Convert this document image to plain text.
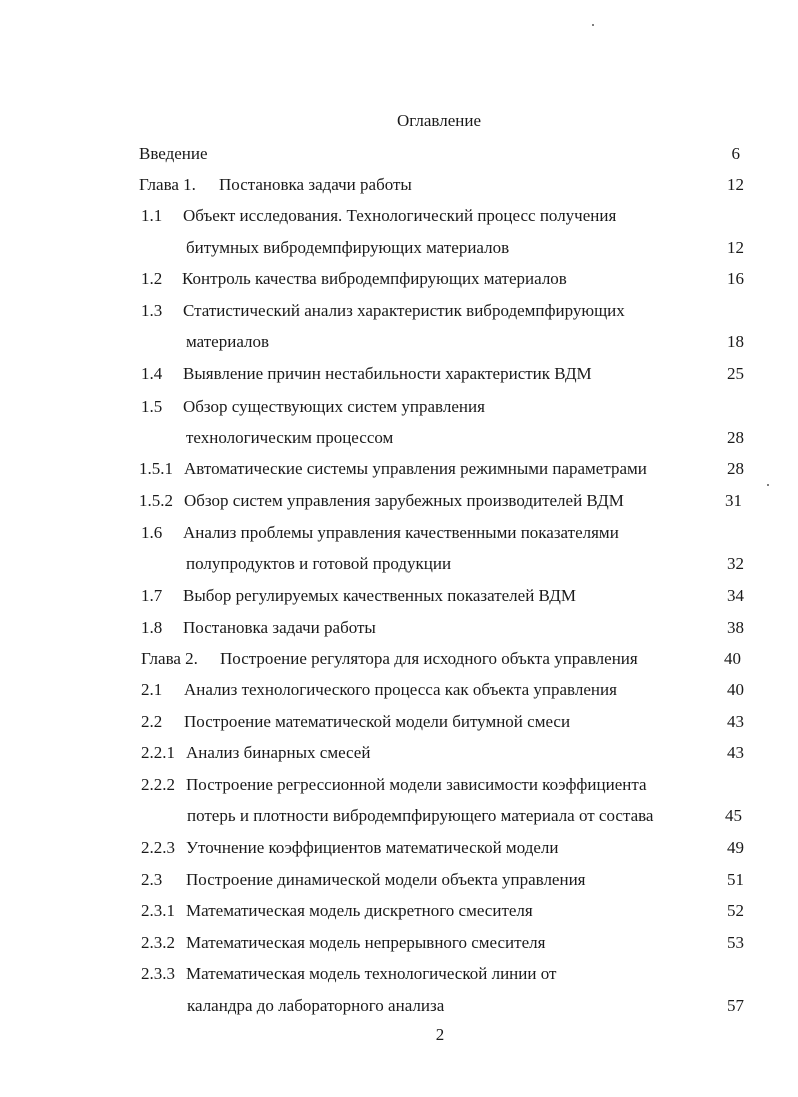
Оглавление
Введение	6
Глава 1. Постановка задачи работы	12
1.1 Объект исследования. Технологический процесс получения
битумных вибродемпфирующих материалов	12
1.2 Контроль качества вибродемпфирующих материалов	16
1.3 Статистический анализ характеристик вибродемпфирующих
материалов	18
1.4 Выявление причин нестабильности характеристик ВДМ	25
1.5 Обзор существующих систем управления
технологическим процессом	28
1.5.1 Автоматические системы управления режимными параметрами	28
1.5.2 Обзор систем управления зарубежных производителей ВДМ	31
1.6 Анализ проблемы управления качественными показателями
полупродуктов и готовой продукции	32
1.7 Выбор регулируемых качественных показателей ВДМ	34
1.8 Постановка задачи работы	38
Глава 2. Построение регулятора для исходного объкта управления	40
2.1 Анализ технологического процесса как объекта управления	40
2.2 Построение математической модели битумной смеси	43
2.2.1 Анализ бинарных смесей	43
2.2.2 Построение регрессионной модели зависимости коэффициента
потерь и плотности вибродемпфирующего материала от состава	45
2.2.3 Уточнение коэффициентов математической модели	49
2.3 Построение динамической модели объекта управления	51
2.3.1 Математическая модель дискретного смесителя	52
2.3.2 Математическая модель непрерывного смесителя	53
2.3.3 Математическая модель технологической линии от
каландра до лабораторного анализа	57
2
